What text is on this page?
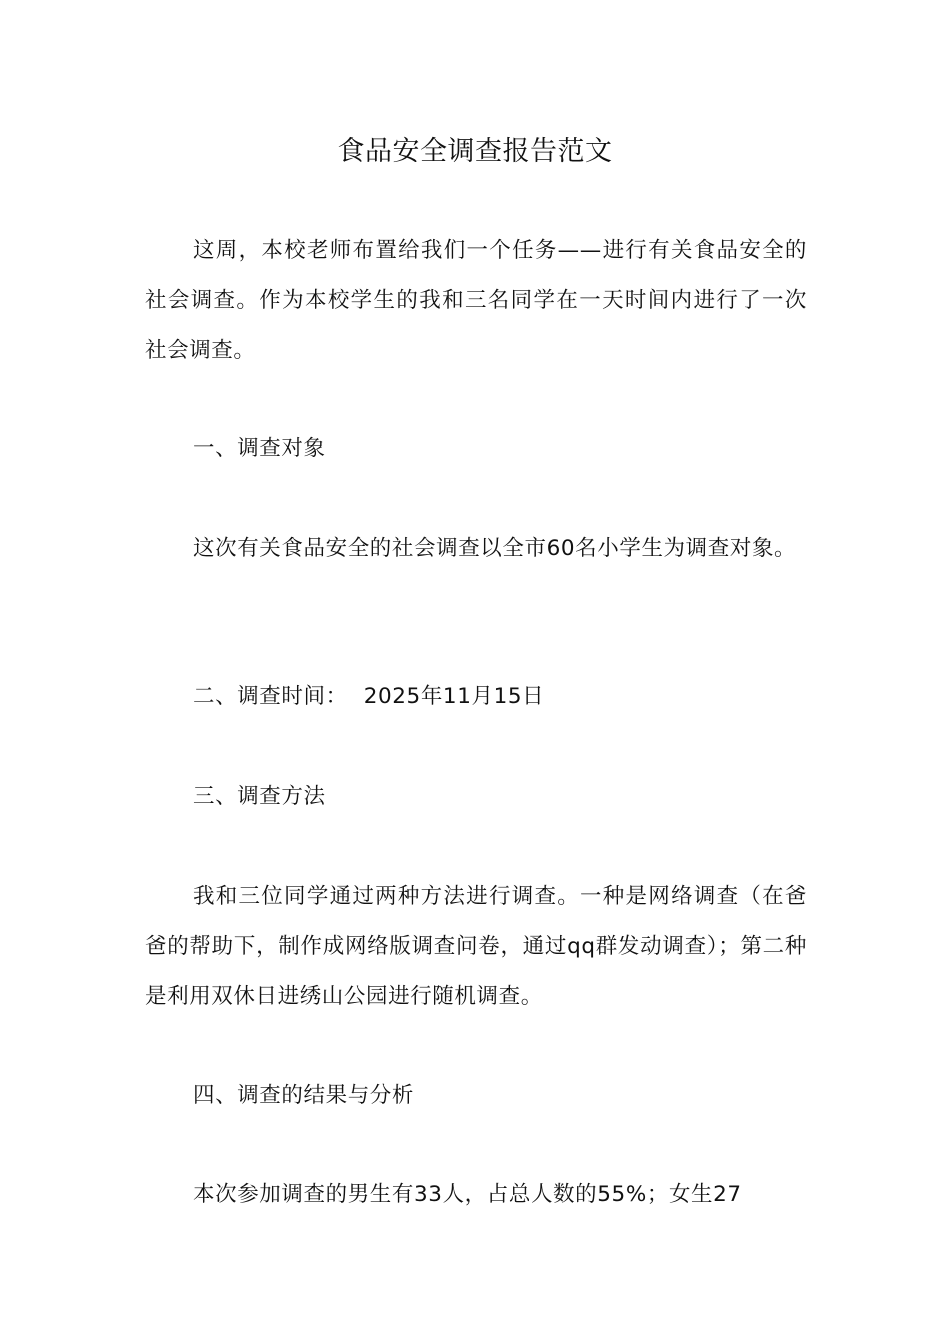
食品安全调查报告范文

这周，本校老师布置给我们一个任务——进行有关食品安全的社会调查。作为本校学生的我和三名同学在一天时间内进行了一次社会调查。

一、调查对象

这次有关食品安全的社会调查以全市60名小学生为调查对象。

二、调查时间： 2025年11月15日

三、调查方法

我和三位同学通过两种方法进行调查。一种是网络调查（在爸爸的帮助下，制作成网络版调查问卷，通过qq群发动调查）；第二种是利用双休日进绣山公园进行随机调查。

四、调查的结果与分析

本次参加调查的男生有33人，占总人数的55%；女生27
